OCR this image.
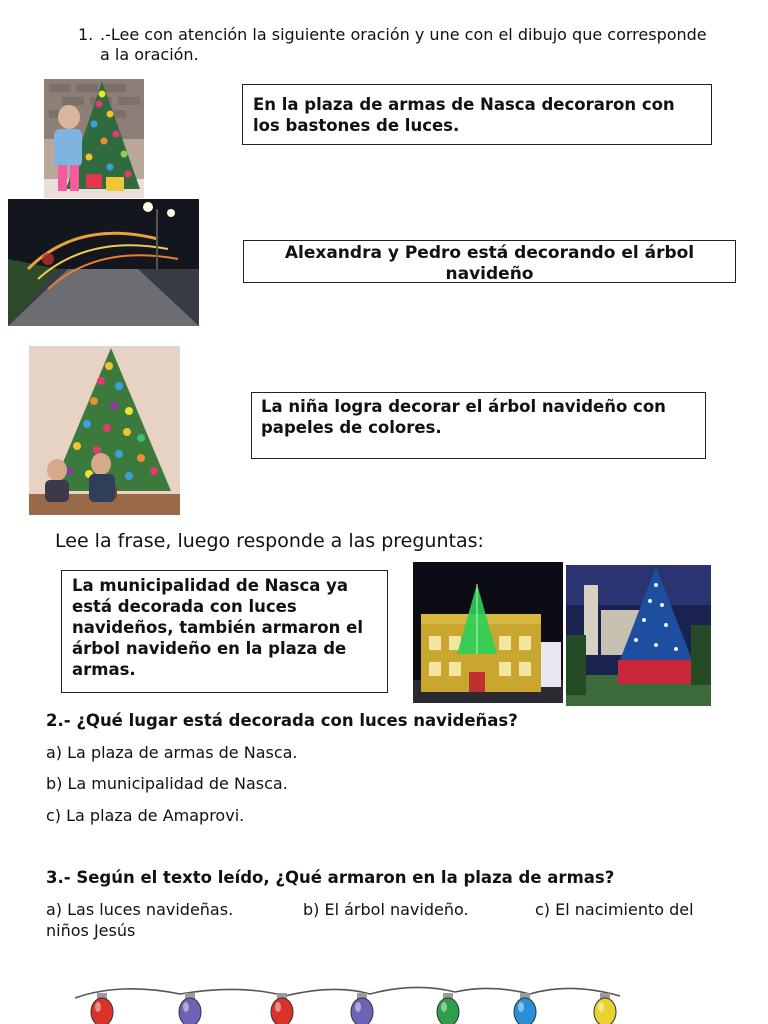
1. .-Lee con atención la siguiente oración y une con el dibujo que corresponde a la oración.
En la plaza de armas de Nasca decoraron con los bastones de luces.
Alexandra y Pedro está decorando el árbol navideño
La niña logra decorar el árbol navideño con papeles de colores.
Lee la frase, luego responde a las preguntas:
La municipalidad de Nasca ya está decorada con luces navideños, también armaron el árbol navideño en la plaza de armas.
2.- ¿Qué lugar está decorada con luces navideñas?
a) La plaza de armas de Nasca.
b) La municipalidad de Nasca.
c) La plaza de Amaprovi.
3.- Según el texto leído, ¿Qué armaron en la plaza de armas?
a) Las luces navideñas.	b) El árbol navideño.	c) El nacimiento del
niños Jesús
